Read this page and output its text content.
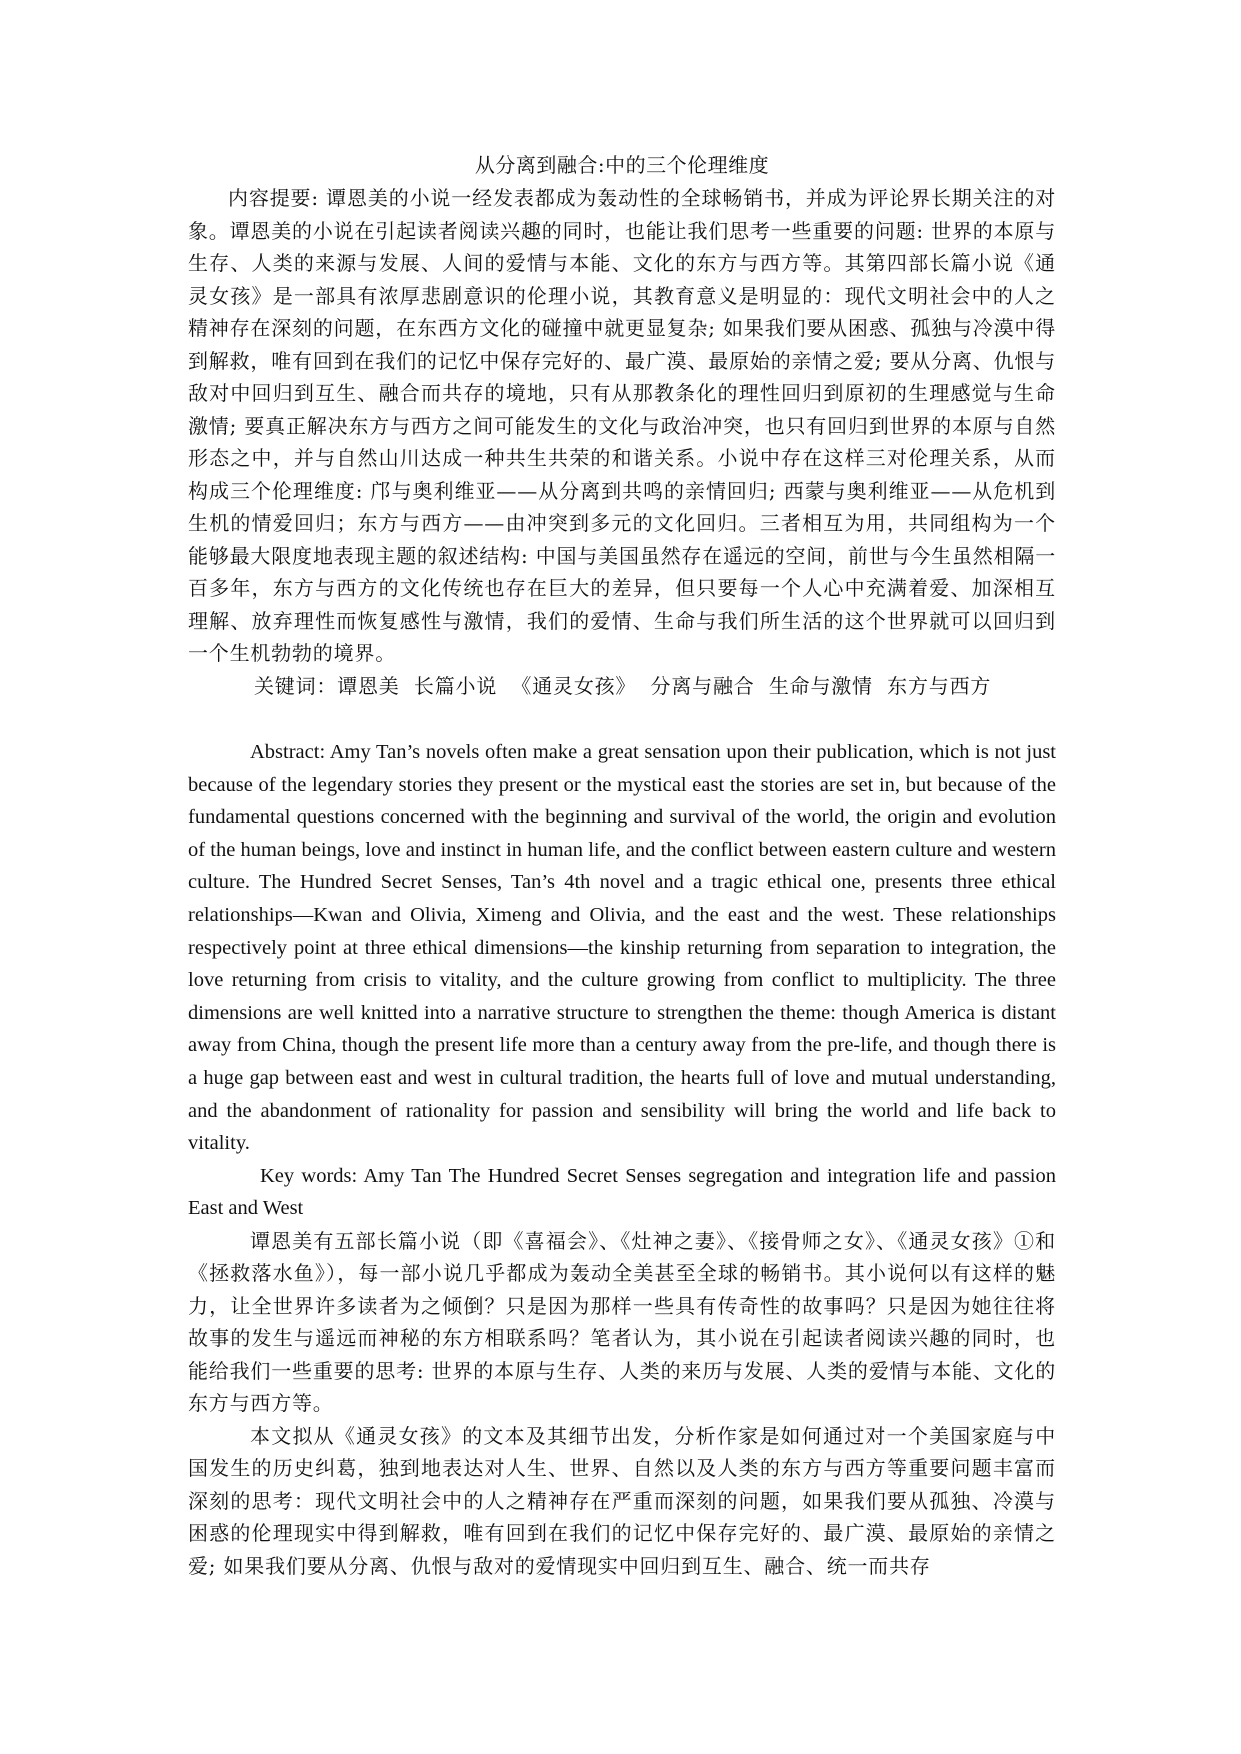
从分离到融合:中的三个伦理维度

内容提要: 谭恩美的小说一经发表都成为轰动性的全球畅销书，并成为评论界长期关注的对象。谭恩美的小说在引起读者阅读兴趣的同时，也能让我们思考一些重要的问题: 世界的本原与生存、人类的来源与发展、人间的爱情与本能、文化的东方与西方等。其第四部长篇小说《通灵女孩》是一部具有浓厚悲剧意识的伦理小说，其教育意义是明显的：现代文明社会中的人之精神存在深刻的问题，在东西方文化的碰撞中就更显复杂; 如果我们要从困惑、孤独与冷漠中得到解救，唯有回到在我们的记忆中保存完好的、最广漠、最原始的亲情之爱; 要从分离、仇恨与敌对中回归到互生、融合而共存的境地，只有从那教条化的理性回归到原初的生理感觉与生命激情; 要真正解决东方与西方之间可能发生的文化与政治冲突，也只有回归到世界的本原与自然形态之中，并与自然山川达成一种共生共荣的和谐关系。小说中存在这样三对伦理关系，从而构成三个伦理维度: 邝与奥利维亚——从分离到共鸣的亲情回归; 西蒙与奥利维亚——从危机到生机的情爱回归；东方与西方——由冲突到多元的文化回归。三者相互为用，共同组构为一个能够最大限度地表现主题的叙述结构: 中国与美国虽然存在遥远的空间，前世与今生虽然相隔一百多年，东方与西方的文化传统也存在巨大的差异，但只要每一个人心中充满着爱、加深相互理解、放弃理性而恢复感性与激情，我们的爱情、生命与我们所生活的这个世界就可以回归到一个生机勃勃的境界。

关键词：谭恩美  长篇小说  《通灵女孩》  分离与融合  生命与激情  东方与西方

Abstract: Amy Tan’s novels often make a great sensation upon their publication, which is not just because of the legendary stories they present or the mystical east the stories are set in, but because of the fundamental questions concerned with the beginning and survival of the world, the origin and evolution of the human beings, love and instinct in human life, and the conflict between eastern culture and western culture. The Hundred Secret Senses, Tan’s 4th novel and a tragic ethical one, presents three ethical relationships—Kwan and Olivia, Ximeng and Olivia, and the east and the west. These relationships respectively point at three ethical dimensions—the kinship returning from separation to integration, the love returning from crisis to vitality, and the culture growing from conflict to multiplicity. The three dimensions are well knitted into a narrative structure to strengthen the theme: though America is distant away from China, though the present life more than a century away from the pre-life, and though there is a huge gap between east and west in cultural tradition, the hearts full of love and mutual understanding, and the abandonment of rationality for passion and sensibility will bring the world and life back to vitality.

Key words: Amy Tan The Hundred Secret Senses segregation and integration life and passion East and West

谭恩美有五部长篇小说（即《喜福会》、《灶神之妻》、《接骨师之女》、《通灵女孩》①和《拯救落水鱼》），每一部小说几乎都成为轰动全美甚至全球的畅销书。其小说何以有这样的魅力，让全世界许多读者为之倾倒？只是因为那样一些具有传奇性的故事吗？只是因为她往往将故事的发生与遥远而神秘的东方相联系吗？笔者认为，其小说在引起读者阅读兴趣的同时，也能给我们一些重要的思考: 世界的本原与生存、人类的来历与发展、人类的爱情与本能、文化的东方与西方等。

本文拟从《通灵女孩》的文本及其细节出发，分析作家是如何通过对一个美国家庭与中国发生的历史纠葛，独到地表达对人生、世界、自然以及人类的东方与西方等重要问题丰富而深刻的思考：现代文明社会中的人之精神存在严重而深刻的问题，如果我们要从孤独、冷漠与困惑的伦理现实中得到解救，唯有回到在我们的记忆中保存完好的、最广漠、最原始的亲情之爱; 如果我们要从分离、仇恨与敌对的爱情现实中回归到互生、融合、统一而共存
